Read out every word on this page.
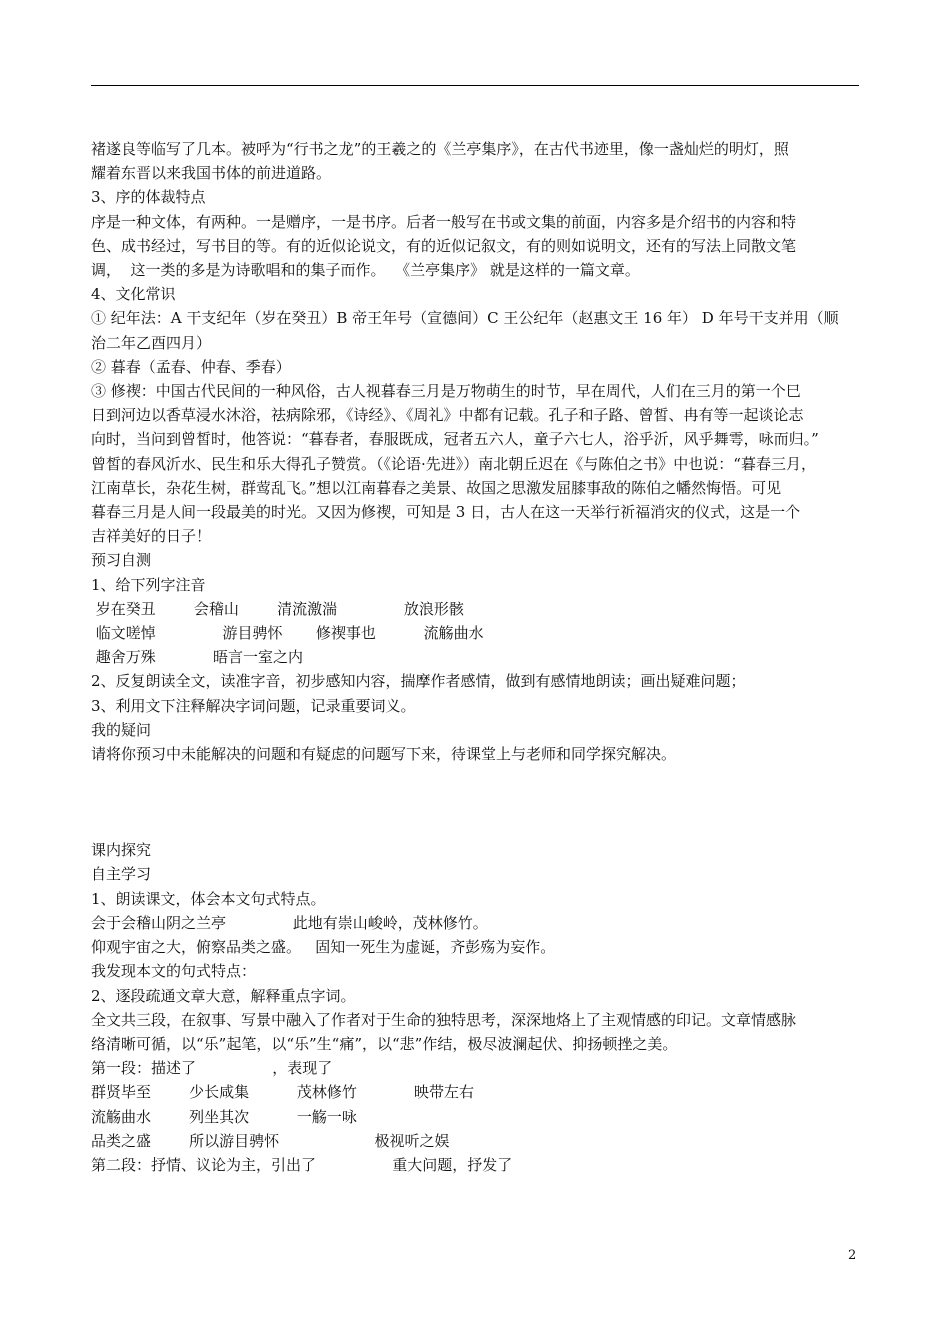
褚遂良等临写了几本。被呼为“行书之龙”的王羲之的《兰亭集序》，在古代书迹里，像一盏灿烂的明灯，照

耀着东晋以来我国书体的前进道路。

3、序的体裁特点

序是一种文体，有两种。一是赠序，一是书序。后者一般写在书或文集的前面，内容多是介绍书的内容和特

色、成书经过，写书目的等。有的近似论说文，有的近似记叙文，有的则如说明文，还有的写法上同散文笔

调，  这一类的多是为诗歌唱和的集子而作。  《兰亭集序》 就是这样的一篇文章。

4、文化常识

① 纪年法：A 干支纪年（岁在癸丑）B 帝王年号（宣德间）C 王公纪年（赵惠文王 16 年） D 年号干支并用（顺

治二年乙酉四月）

② 暮春（孟春、仲春、季春）

③ 修禊：中国古代民间的一种风俗，古人视暮春三月是万物萌生的时节，早在周代，人们在三月的第一个巳

日到河边以香草浸水沐浴，祛病除邪，《诗经》、《周礼》中都有记载。孔子和子路、曾皙、冉有等一起谈论志

向时，当问到曾皙时，他答说：“暮春者，春服既成，冠者五六人，童子六七人，浴乎沂，风乎舞雩，咏而归。”

曾皙的春风沂水、民生和乐大得孔子赞赏。（《论语·先进》）南北朝丘迟在《与陈伯之书》中也说：“暮春三月，

江南草长，杂花生树，群莺乱飞。”想以江南暮春之美景、故国之思激发屈膝事敌的陈伯之幡然悔悟。可见

暮春三月是人间一段最美的时光。又因为修禊，可知是 3 日，古人在这一天举行祈福消灾的仪式，这是一个

吉祥美好的日子！

预习自测

1、给下列字注音

岁在癸丑        会稽山        清流激湍              放浪形骸

临文嗟悼              游目骋怀       修禊事也          流觞曲水

趣舍万殊            晤言一室之内

2、反复朗读全文，读准字音，初步感知内容，揣摩作者感情，做到有感情地朗读；画出疑难问题；

3、利用文下注释解决字词问题，记录重要词义。

我的疑问

请将你预习中未能解决的问题和有疑虑的问题写下来，待课堂上与老师和同学探究解决。

课内探究

自主学习

1、朗读课文，体会本文句式特点。

会于会稽山阴之兰亭              此地有崇山峻岭，茂林修竹。

仰观宇宙之大，俯察品类之盛。   固知一死生为虚诞，齐彭殇为妄作。

我发现本文的句式特点：

2、逐段疏通文章大意，解释重点字词。

全文共三段，在叙事、写景中融入了作者对于生命的独特思考，深深地烙上了主观情感的印记。文章情感脉

络清晰可循，以“乐”起笔，以“乐”生“痛”，以“悲”作结，极尽波澜起伏、抑扬顿挫之美。

第一段：描述了                ，表现了

群贤毕至        少长咸集          茂林修竹            映带左右

流觞曲水        列坐其次          一觞一咏

品类之盛        所以游目骋怀                    极视听之娱

第二段：抒情、议论为主，引出了                重大问题，抒发了

2
